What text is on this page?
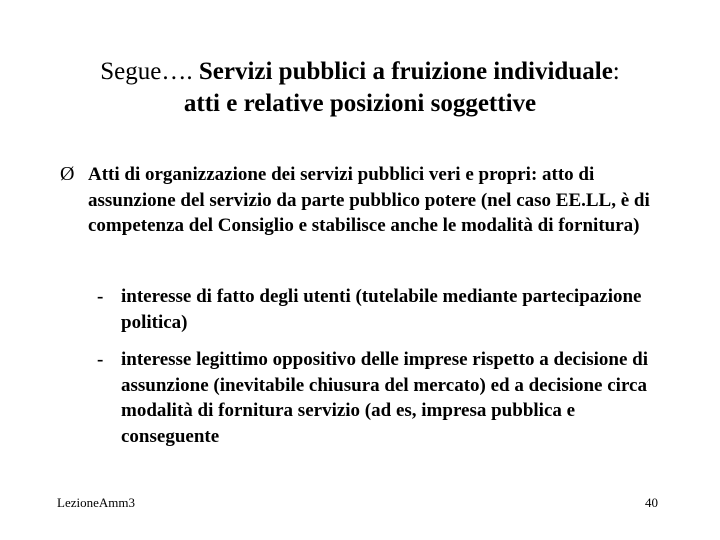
Segue…. Servizi pubblici a fruizione individuale:
atti e relative posizioni soggettive
Ø Atti di organizzazione dei servizi pubblici veri e propri: atto di assunzione del servizio da parte pubblico potere (nel caso EE.LL, è di competenza del Consiglio e stabilisce anche le modalità di fornitura)
- interesse di fatto degli utenti (tutelabile mediante partecipazione politica)
- interesse legittimo oppositivo delle imprese rispetto a decisione di assunzione (inevitabile chiusura del mercato) ed a decisione circa modalità di fornitura servizio (ad es, impresa pubblica e conseguente
LezioneAmm3	40
